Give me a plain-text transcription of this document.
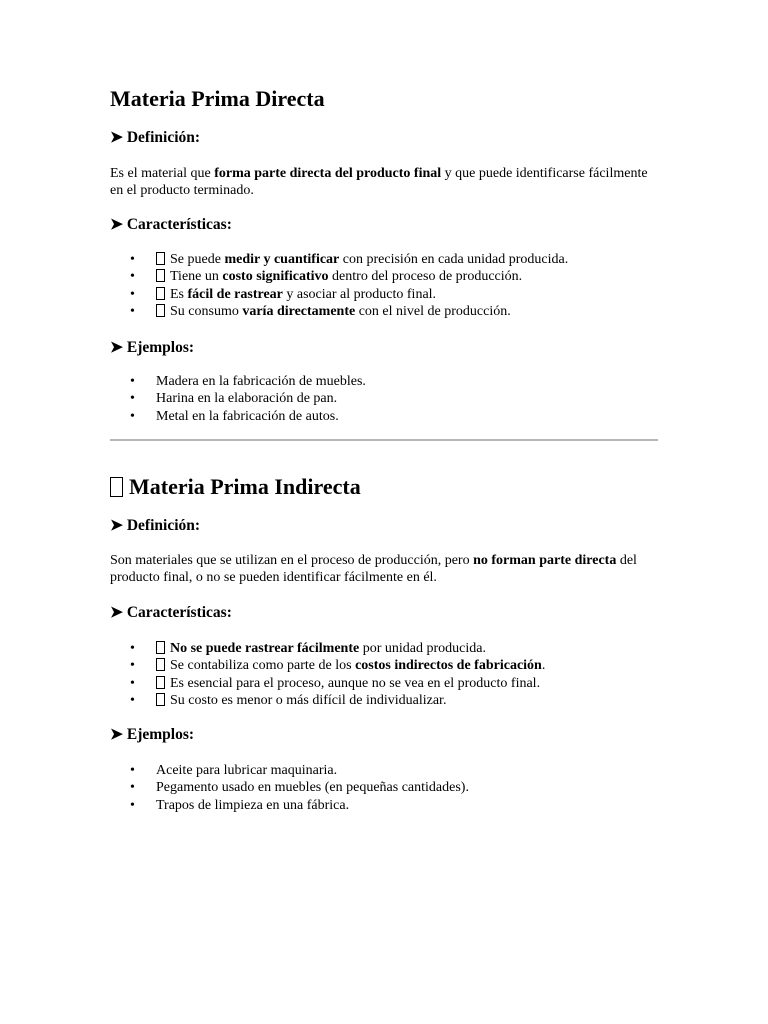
Materia Prima Directa
➤ Definición:

Es el material que forma parte directa del producto final y que puede identificarse fácilmente en el producto terminado.

➤ Características:
•	Se puede medir y cuantificar con precisión en cada unidad producida.
•	Tiene un costo significativo dentro del proceso de producción.
•	Es fácil de rastrear y asociar al producto final.
•	Su consumo varía directamente con el nivel de producción.
➤ Ejemplos:
• Madera en la fabricación de muebles.
• Harina en la elaboración de pan.
• Metal en la fabricación de autos.
Materia Prima Indirecta
➤ Definición:

Son materiales que se utilizan en el proceso de producción, pero no forman parte directa del producto final, o no se pueden identificar fácilmente en él.

➤ Características:
•	No se puede rastrear fácilmente por unidad producida.
•	Se contabiliza como parte de los costos indirectos de fabricación.
•	Es esencial para el proceso, aunque no se vea en el producto final.
•	Su costo es menor o más difícil de individualizar.
➤ Ejemplos:
• Aceite para lubricar maquinaria.
• Pegamento usado en muebles (en pequeñas cantidades).
• Trapos de limpieza en una fábrica.
